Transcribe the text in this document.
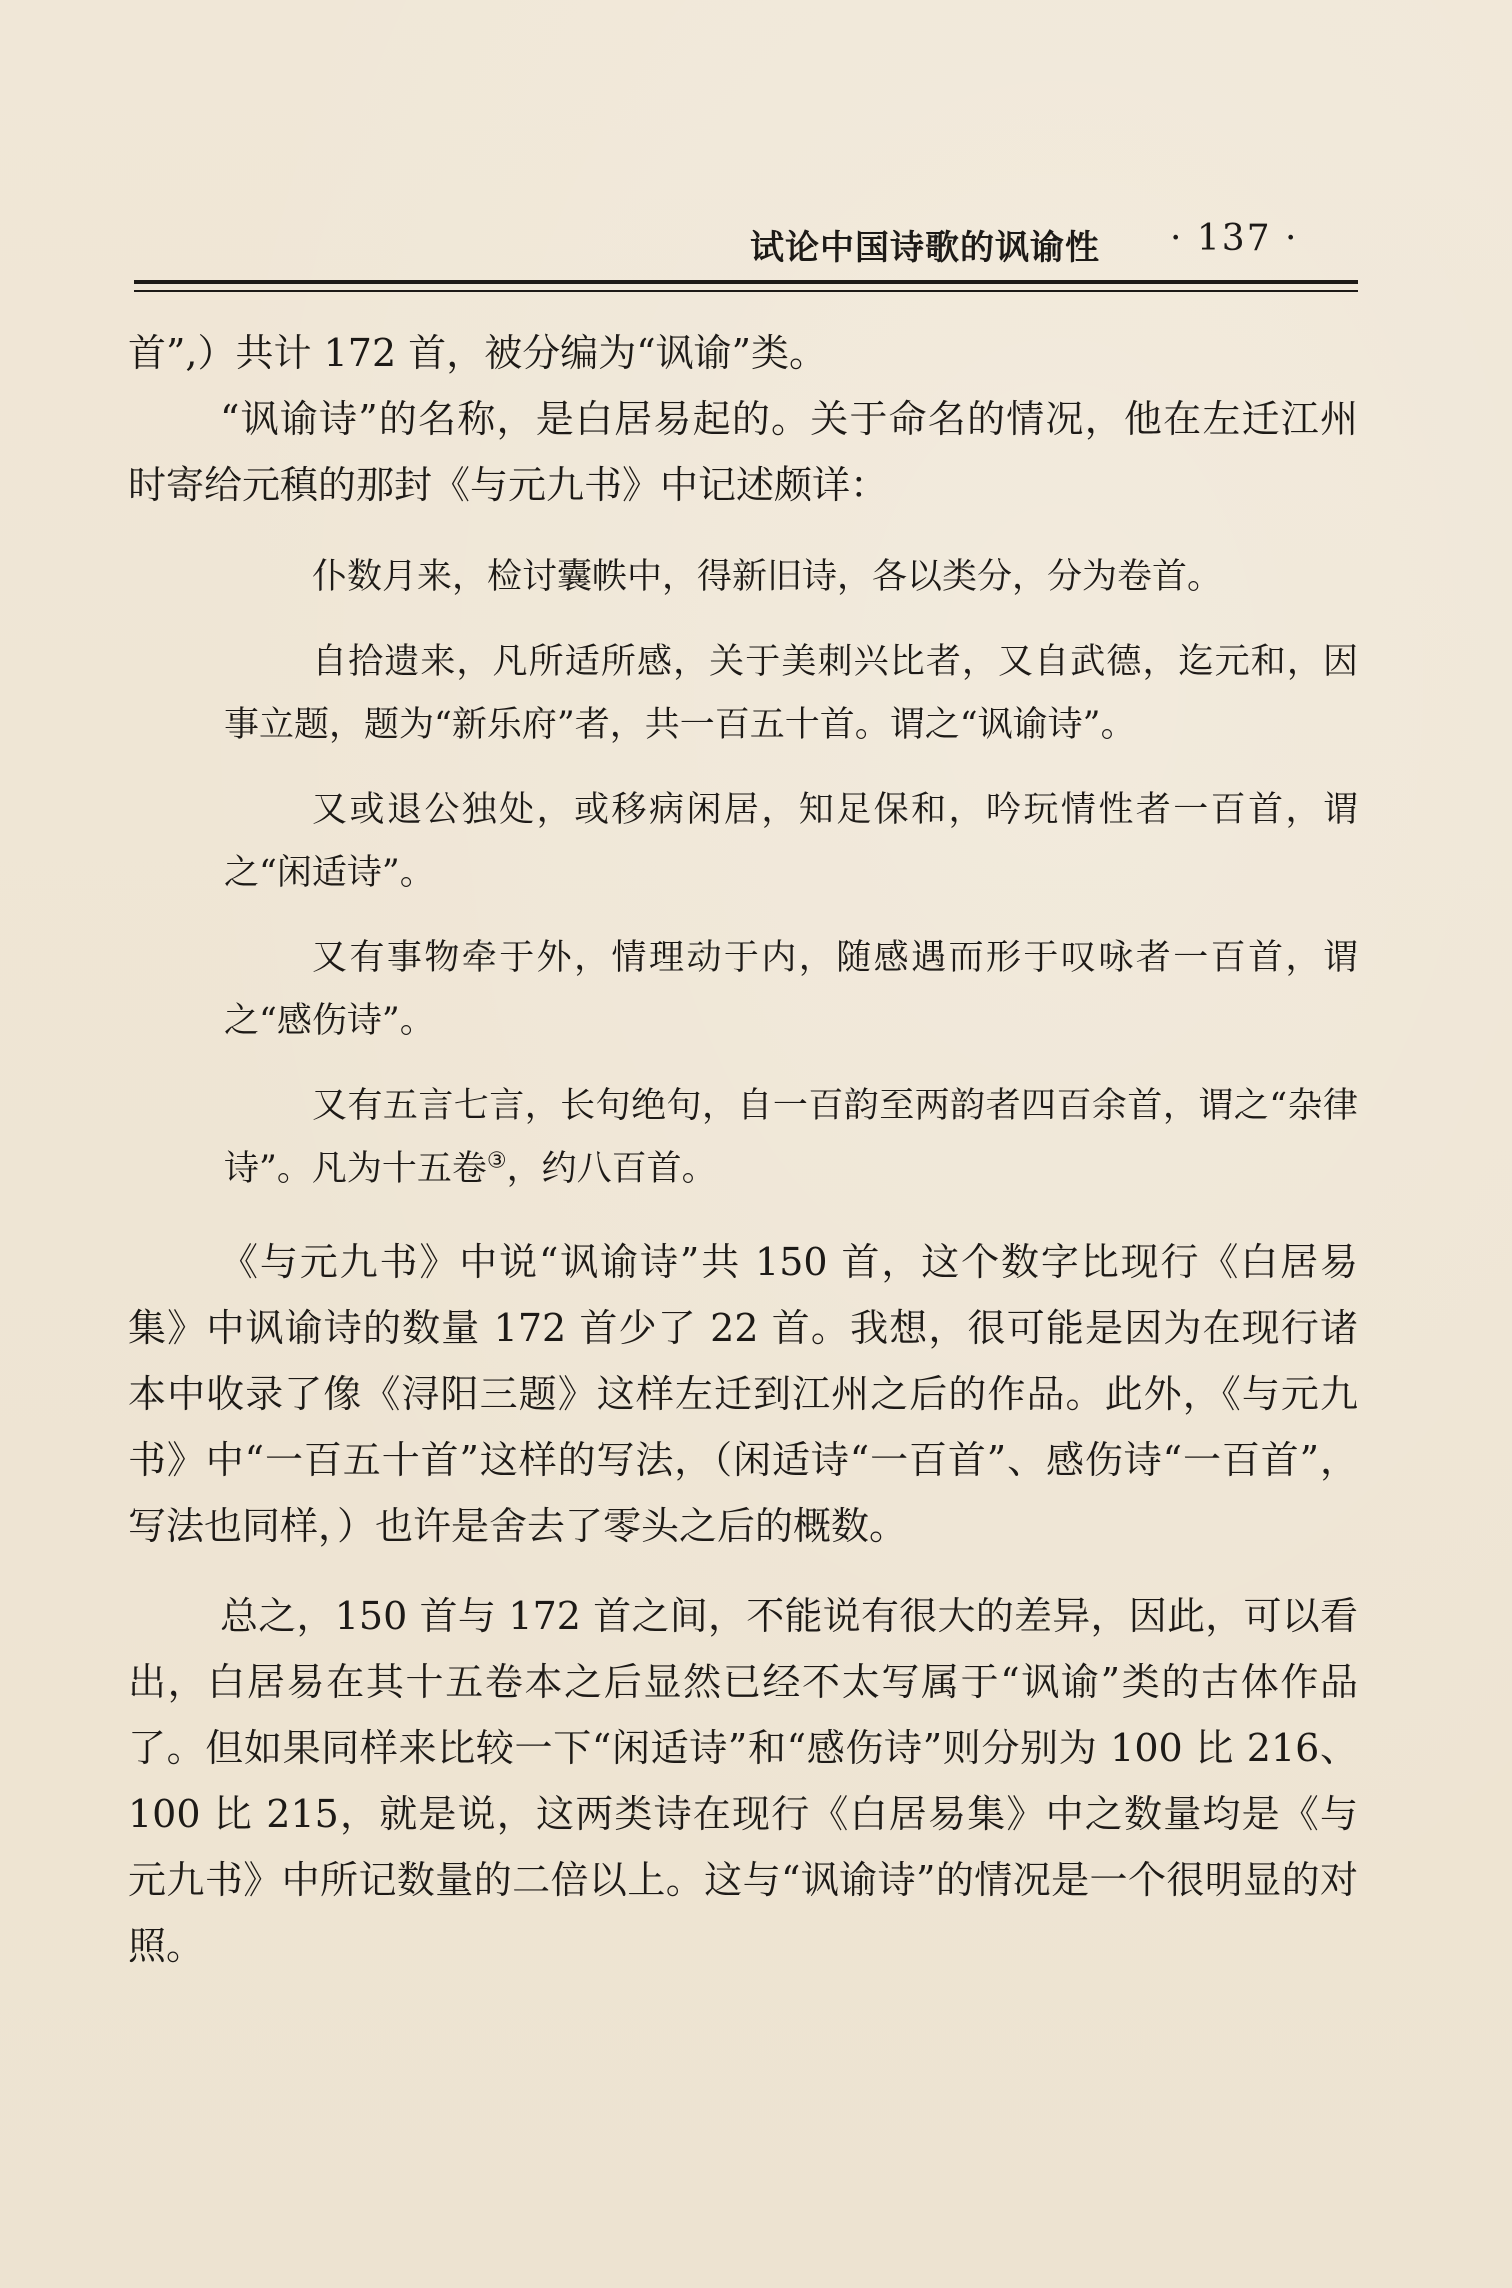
试论中国诗歌的讽谕性 · 137 ·

首”,）共计 172 首，被分编为“讽谕”类。

“讽谕诗”的名称，是白居易起的。关于命名的情况，他在左迁江州时寄给元稹的那封《与元九书》中记述颇详：

仆数月来，检讨囊帙中，得新旧诗，各以类分，分为卷首。

自拾遗来，凡所适所感，关于美刺兴比者，又自武德，迄元和，因事立题，题为“新乐府”者，共一百五十首。谓之“讽谕诗”。

又或退公独处，或移病闲居，知足保和，吟玩情性者一百首，谓之“闲适诗”。

又有事物牵于外，情理动于内，随感遇而形于叹咏者一百首，谓之“感伤诗”。

又有五言七言，长句绝句，自一百韵至两韵者四百余首，谓之“杂律诗”。凡为十五卷③，约八百首。

《与元九书》中说“讽谕诗”共 150 首，这个数字比现行《白居易集》中讽谕诗的数量 172 首少了 22 首。我想，很可能是因为在现行诸本中收录了像《浔阳三题》这样左迁到江州之后的作品。此外，《与元九书》中“一百五十首”这样的写法，（闲适诗“一百首”、感伤诗“一百首”，写法也同样，）也许是舍去了零头之后的概数。

总之，150 首与 172 首之间，不能说有很大的差异，因此，可以看出，白居易在其十五卷本之后显然已经不太写属于“讽谕”类的古体作品了。但如果同样来比较一下“闲适诗”和“感伤诗”则分别为 100 比 216、100 比 215，就是说，这两类诗在现行《白居易集》中之数量均是《与元九书》中所记数量的二倍以上。这与“讽谕诗”的情况是一个很明显的对照。
